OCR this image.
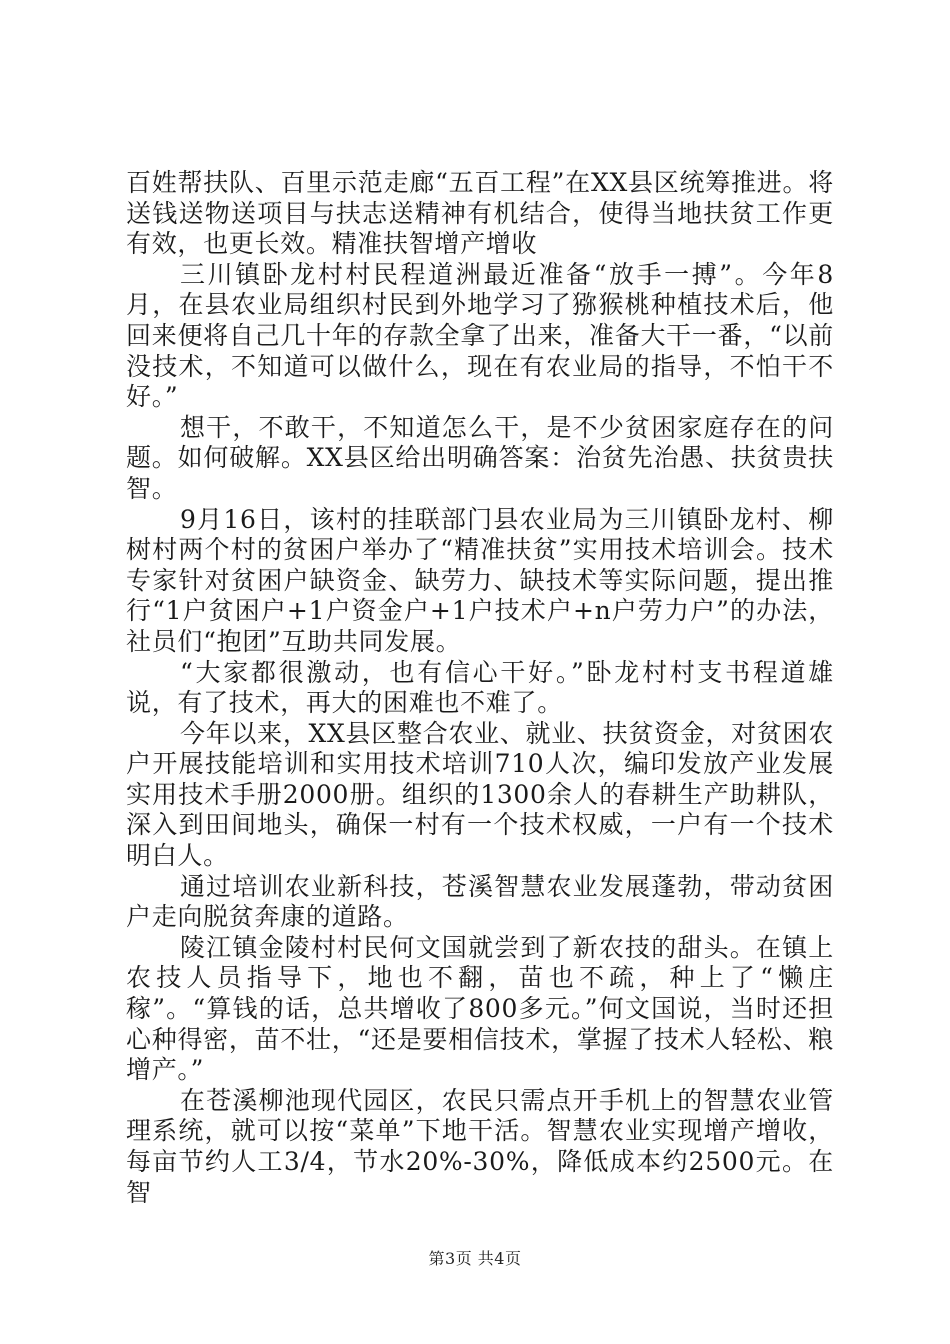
百姓帮扶队、百里示范走廊“五百工程”在XX县区统筹推进。将送钱送物送项目与扶志送精神有机结合，使得当地扶贫工作更有效，也更长效。精准扶智增产增收

三川镇卧龙村村民程道洲最近准备“放手一搏”。今年8月，在县农业局组织村民到外地学习了猕猴桃种植技术后，他回来便将自己几十年的存款全拿了出来，准备大干一番，“以前没技术，不知道可以做什么，现在有农业局的指导，不怕干不好。”

想干，不敢干，不知道怎么干，是不少贫困家庭存在的问题。如何破解。XX县区给出明确答案：治贫先治愚、扶贫贵扶智。

9月16日，该村的挂联部门县农业局为三川镇卧龙村、柳树村两个村的贫困户举办了“精准扶贫”实用技术培训会。技术专家针对贫困户缺资金、缺劳力、缺技术等实际问题，提出推行“1户贫困户+1户资金户+1户技术户+n户劳力户”的办法，社员们“抱团”互助共同发展。

“大家都很激动，也有信心干好。”卧龙村村支书程道雄说，有了技术，再大的困难也不难了。

今年以来，XX县区整合农业、就业、扶贫资金，对贫困农户开展技能培训和实用技术培训710人次，编印发放产业发展实用技术手册2000册。组织的1300余人的春耕生产助耕队，深入到田间地头，确保一村有一个技术权威，一户有一个技术明白人。

通过培训农业新科技，苍溪智慧农业发展蓬勃，带动贫困户走向脱贫奔康的道路。

陵江镇金陵村村民何文国就尝到了新农技的甜头。在镇上农技人员指导下，地也不翻，苗也不疏，种上了“懒庄稼”。“算钱的话，总共增收了800多元。”何文国说，当时还担心种得密，苗不壮，“还是要相信技术，掌握了技术人轻松、粮增产。”

在苍溪柳池现代园区，农民只需点开手机上的智慧农业管理系统，就可以按“菜单”下地干活。智慧农业实现增产增收，每亩节约人工3/4，节水20%-30%，降低成本约2500元。在智

第3页 共4页
